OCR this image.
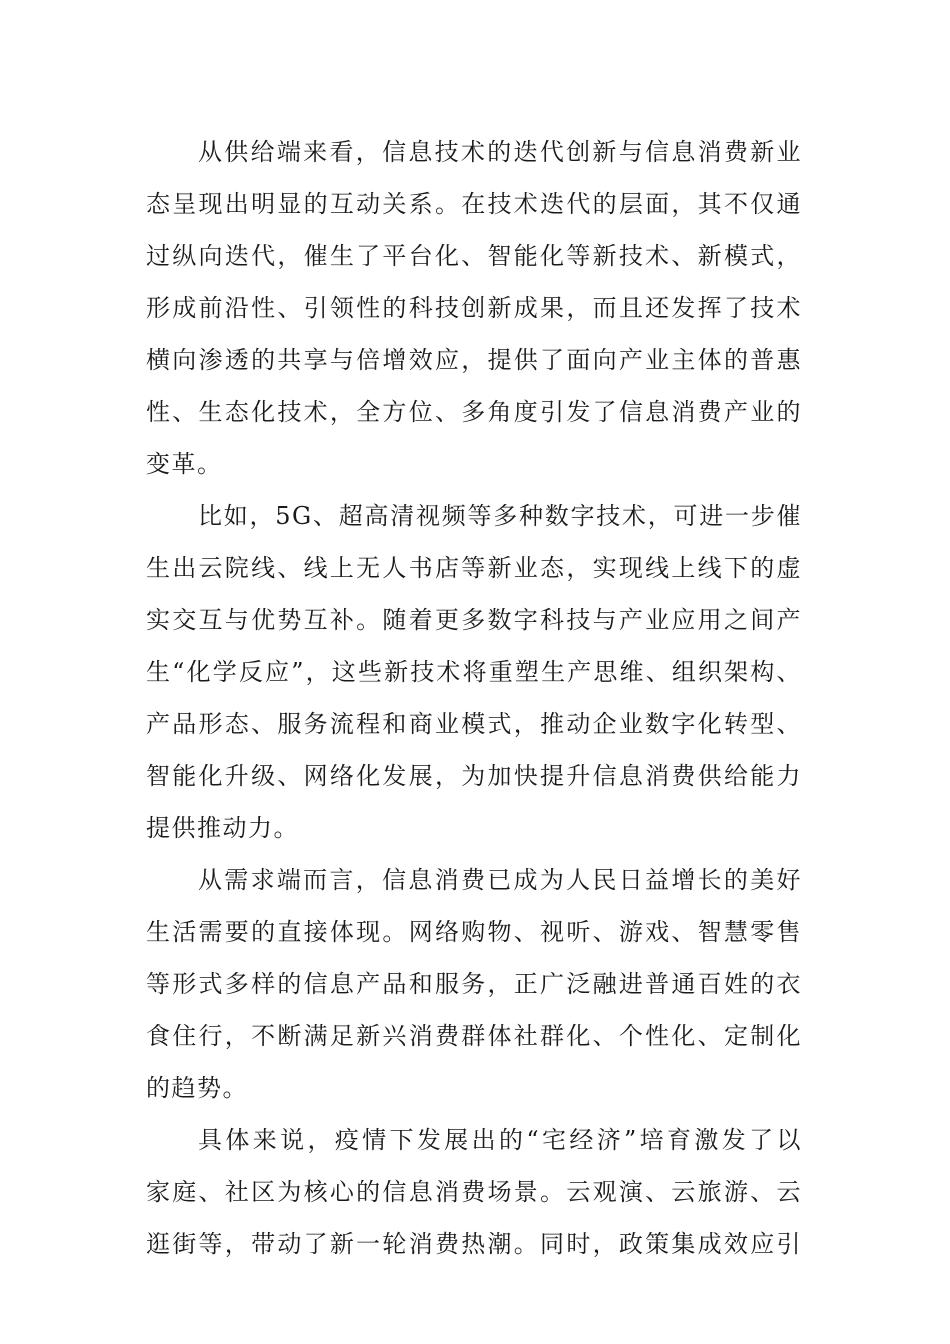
从供给端来看，信息技术的迭代创新与信息消费新业
态呈现出明显的互动关系。在技术迭代的层面，其不仅通
过纵向迭代，催生了平台化、智能化等新技术、新模式，
形成前沿性、引领性的科技创新成果，而且还发挥了技术
横向渗透的共享与倍增效应，提供了面向产业主体的普惠
性、生态化技术，全方位、多角度引发了信息消费产业的
变革。
比如，5G、超高清视频等多种数字技术，可进一步催
生出云院线、线上无人书店等新业态，实现线上线下的虚
实交互与优势互补。随着更多数字科技与产业应用之间产
生“化学反应”，这些新技术将重塑生产思维、组织架构、
产品形态、服务流程和商业模式，推动企业数字化转型、
智能化升级、网络化发展，为加快提升信息消费供给能力
提供推动力。
从需求端而言，信息消费已成为人民日益增长的美好
生活需要的直接体现。网络购物、视听、游戏、智慧零售
等形式多样的信息产品和服务，正广泛融进普通百姓的衣
食住行，不断满足新兴消费群体社群化、个性化、定制化
的趋势。
具体来说，疫情下发展出的“宅经济”培育激发了以
家庭、社区为核心的信息消费场景。云观演、云旅游、云
逛街等，带动了新一轮消费热潮。同时，政策集成效应引
